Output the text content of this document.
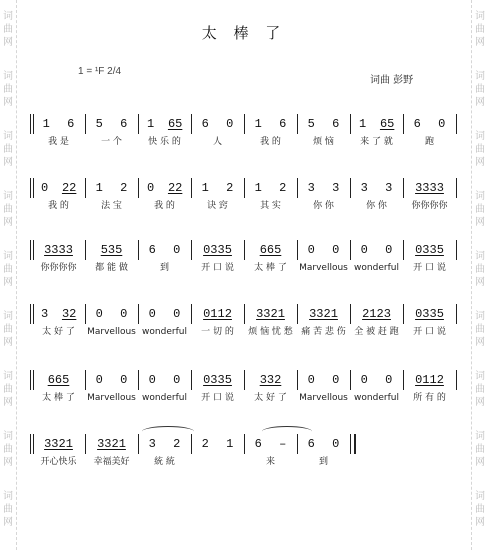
词
曲
网
词
曲
网
词
曲
网
词
曲
网
词
曲
网
词
曲
网
词
曲
网
词
曲
网
词
曲
网
词
曲
网
词
曲
网
词
曲
网
词
曲
网
词
曲
网
词
曲
网
词
曲
网
词
曲
网
词
曲
网
太 棒 了
1 = ¹F 2/4
词曲 彭野
1 6
我 是
5 6
一 个
1 65
快 乐 的
6 0
人
1 6
我 的
5 6
烦 恼
1 65
来 了 就
6 0
跑
0 22
我 的
1 2
法 宝
0 22
我 的
1 2
诀 窍
1 2
其 实
3 3
你 你
3 3
你 你
3333
你你你你
3333
你你你你
535
都 能 做
6 0
到
0335
开 口 说
665
太 棒 了
0 0
Marvellous
0 0
wonderful
0335
开 口 说
3 32
太 好 了
0 0
Marvellous
0 0
wonderful
0112
一 切 的
3321
烦 恼 忧 愁
3321
痛 苦 悲 伤
2123
全 被 赶 跑
0335
开 口 说
665
太 棒 了
0 0
Marvellous
0 0
wonderful
0335
开 口 说
332
太 好 了
0 0
Marvellous
0 0
wonderful
0112
所 有 的
3321
开心快乐
3321
幸福美好
3 2
統 統
2 1 6 –
来
6 0
到
